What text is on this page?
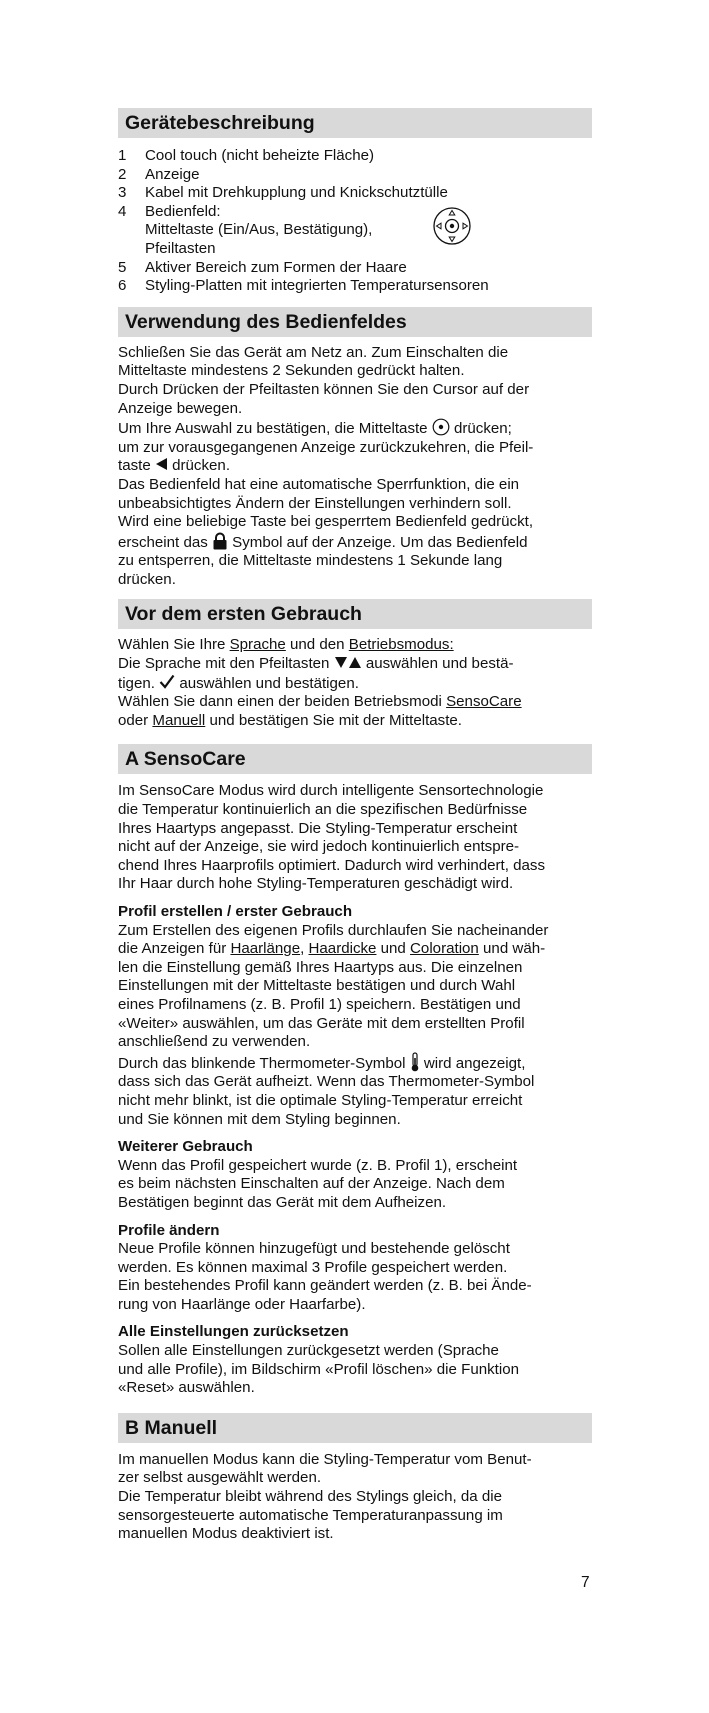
Gerätebeschreibung
1	Cool touch (nicht beheizte Fläche)
2	Anzeige
3	Kabel mit Drehkupplung und Knickschutztülle
4	Bedienfeld:
Mitteltaste (Ein/Aus, Bestätigung),
Pfeiltasten
5	Aktiver Bereich zum Formen der Haare
6	Styling-Platten mit integrierten Temperatursensoren
Verwendung des Bedienfeldes

Schließen Sie das Gerät am Netz an. Zum Einschalten die

Mitteltaste mindestens 2 Sekunden gedrückt halten.

Durch Drücken der Pfeiltasten können Sie den Cursor auf der

Anzeige bewegen.

Um Ihre Auswahl zu bestätigen, die Mitteltaste  drücken;

um zur vorausgegangenen Anzeige zurückzukehren, die Pfeil-

taste  drücken.

Das Bedienfeld hat eine automatische Sperrfunktion, die ein

unbeabsichtigtes Ändern der Einstellungen verhindern soll.

Wird eine beliebige Taste bei gesperrtem Bedienfeld gedrückt,

erscheint das  Symbol auf der Anzeige. Um das Bedienfeld

zu entsperren, die Mitteltaste mindestens 1 Sekunde lang

drücken.

Vor dem ersten Gebrauch

Wählen Sie Ihre Sprache und den Betriebsmodus:

Die Sprache mit den Pfeiltasten  auswählen und bestä-

tigen.  auswählen und bestätigen.

Wählen Sie dann einen der beiden Betriebsmodi SensoCare

oder Manuell und bestätigen Sie mit der Mitteltaste.

A SensoCare

Im SensoCare Modus wird durch intelligente Sensortechnologie

die Temperatur kontinuierlich an die spezifischen Bedürfnisse

Ihres Haartyps angepasst. Die Styling-Temperatur erscheint

nicht auf der Anzeige, sie wird jedoch kontinuierlich entspre-

chend Ihres Haarprofils optimiert. Dadurch wird verhindert, dass

Ihr Haar durch hohe Styling-Temperaturen geschädigt wird.

Profil erstellen / erster Gebrauch

Zum Erstellen des eigenen Profils durchlaufen Sie nacheinander

die Anzeigen für Haarlänge, Haardicke und Coloration und wäh-

len die Einstellung gemäß Ihres Haartyps aus. Die einzelnen

Einstellungen mit der Mitteltaste bestätigen und durch Wahl

eines Profilnamens (z. B. Profil 1) speichern. Bestätigen und

«Weiter» auswählen, um das Geräte mit dem erstellten Profil

anschließend zu verwenden.

Durch das blinkende Thermometer-Symbol  wird angezeigt,

dass sich das Gerät aufheizt. Wenn das Thermometer-Symbol

nicht mehr blinkt, ist die optimale Styling-Temperatur erreicht

und Sie können mit dem Styling beginnen.

Weiterer Gebrauch

Wenn das Profil gespeichert wurde (z. B. Profil 1), erscheint

es beim nächsten Einschalten auf der Anzeige. Nach dem

Bestätigen beginnt das Gerät mit dem Aufheizen.

Profile ändern

Neue Profile können hinzugefügt und bestehende gelöscht

werden. Es können maximal 3 Profile gespeichert werden.

Ein bestehendes Profil kann geändert werden (z. B. bei Ände-

rung von Haarlänge oder Haarfarbe).

Alle Einstellungen zurücksetzen

Sollen alle Einstellungen zurückgesetzt werden (Sprache

und alle Profile), im Bildschirm «Profil löschen» die Funktion

«Reset» auswählen.

B Manuell

Im manuellen Modus kann die Styling-Temperatur vom Benut-

zer selbst ausgewählt werden.

Die Temperatur bleibt während des Stylings gleich, da die

sensorgesteuerte automatische Temperaturanpassung im

manuellen Modus deaktiviert ist.

7
